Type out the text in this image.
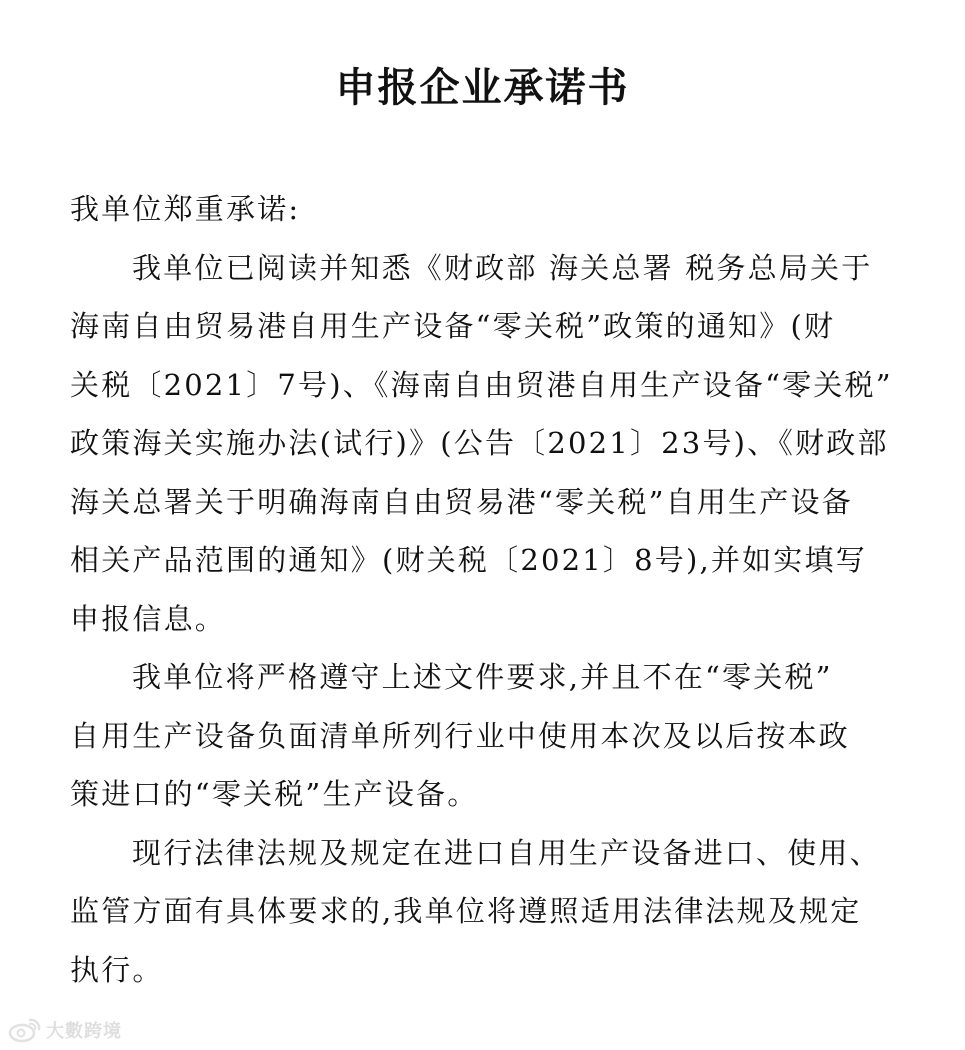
申报企业承诺书
我单位郑重承诺:
我单位已阅读并知悉《财政部 海关总署 税务总局关于
海南自由贸易港自用生产设备“零关税”政策的通知》(财
关税〔2021〕7号)、《海南自由贸港自用生产设备“零关税”
政策海关实施办法(试行)》(公告〔2021〕23号)、《财政部
海关总署关于明确海南自由贸易港“零关税”自用生产设备
相关产品范围的通知》(财关税〔2021〕8号),并如实填写
申报信息。
我单位将严格遵守上述文件要求,并且不在“零关税”
自用生产设备负面清单所列行业中使用本次及以后按本政
策进口的“零关税”生产设备。
现行法律法规及规定在进口自用生产设备进口、使用、
监管方面有具体要求的,我单位将遵照适用法律法规及规定
执行。
大數跨境
